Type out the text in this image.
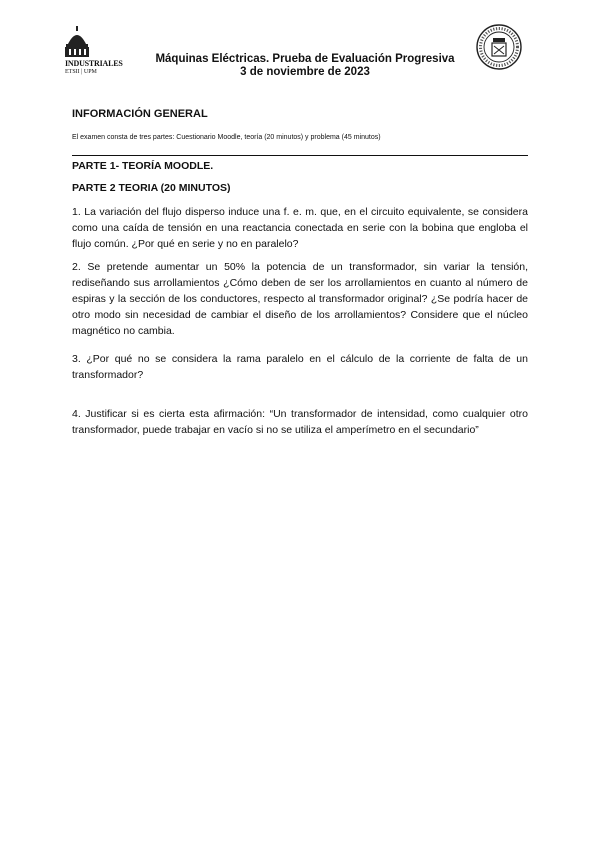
INDUSTRIALES
ETSII | UPM
Máquinas Eléctricas. Prueba de Evaluación Progresiva
3 de noviembre de 2023
INFORMACIÓN GENERAL
El examen consta de tres partes: Cuestionario Moodle, teoría (20 minutos) y problema (45 minutos)
PARTE 1- TEORÍA MOODLE.
PARTE 2 TEORIA (20 MINUTOS)
1. La variación del flujo disperso induce una f. e. m. que, en el circuito equivalente, se considera como una caída de tensión en una reactancia conectada en serie con la bobina que engloba el flujo común. ¿Por qué en serie y no en paralelo?
2. Se pretende aumentar un 50% la potencia de un transformador, sin variar la tensión, rediseñando sus arrollamientos ¿Cómo deben de ser los arrollamientos en cuanto al número de espiras y la sección de los conductores, respecto al transformador original? ¿Se podría hacer de otro modo sin necesidad de cambiar el diseño de los arrollamientos? Considere que el núcleo magnético no cambia.
3. ¿Por qué no se considera la rama paralelo en el cálculo de la corriente de falta de un transformador?
4. Justificar si es cierta esta afirmación: “Un transformador de intensidad, como cualquier otro transformador, puede trabajar en vacío si no se utiliza el amperímetro en el secundario”
